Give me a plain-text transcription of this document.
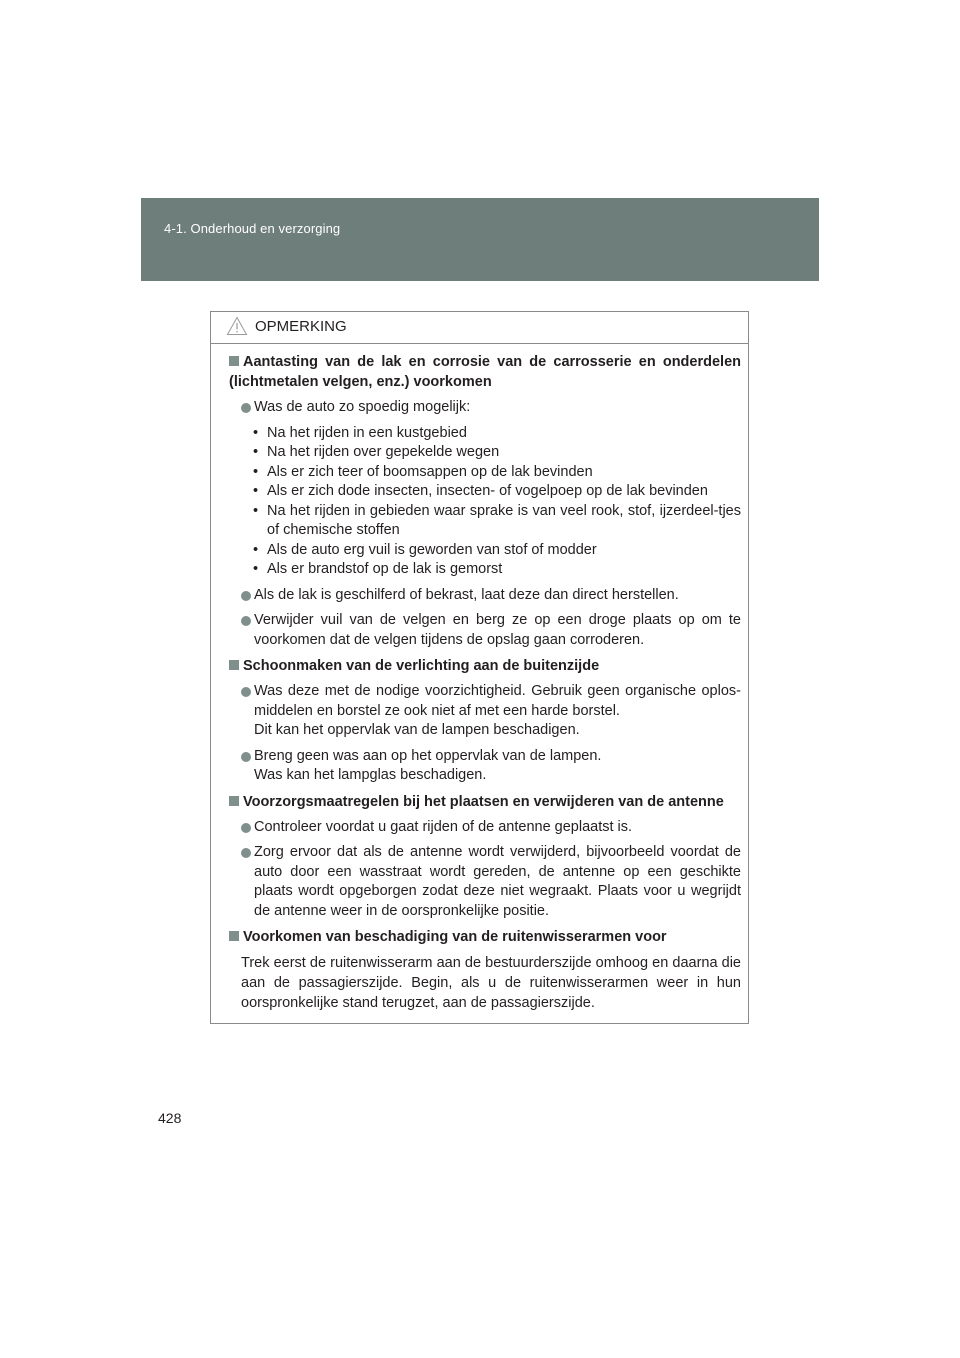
4-1. Onderhoud en verzorging
OPMERKING
Aantasting van de lak en corrosie van de carrosserie en onderdelen (lichtmetalen velgen, enz.) voorkomen
Was de auto zo spoedig mogelijk:
• Na het rijden in een kustgebied
• Na het rijden over gepekelde wegen
• Als er zich teer of boomsappen op de lak bevinden
• Als er zich dode insecten, insecten- of vogelpoep op de lak bevinden
• Na het rijden in gebieden waar sprake is van veel rook, stof, ijzerdeel-tjes of chemische stoffen
• Als de auto erg vuil is geworden van stof of modder
• Als er brandstof op de lak is gemorst
Als de lak is geschilferd of bekrast, laat deze dan direct herstellen.
Verwijder vuil van de velgen en berg ze op een droge plaats op om te voorkomen dat de velgen tijdens de opslag gaan corroderen.
Schoonmaken van de verlichting aan de buitenzijde
Was deze met de nodige voorzichtigheid. Gebruik geen organische oplos-middelen en borstel ze ook niet af met een harde borstel.
Dit kan het oppervlak van de lampen beschadigen.
Breng geen was aan op het oppervlak van de lampen.
Was kan het lampglas beschadigen.
Voorzorgsmaatregelen bij het plaatsen en verwijderen van de antenne
Controleer voordat u gaat rijden of de antenne geplaatst is.
Zorg ervoor dat als de antenne wordt verwijderd, bijvoorbeeld voordat de auto door een wasstraat wordt gereden, de antenne op een geschikte plaats wordt opgeborgen zodat deze niet wegraakt. Plaats voor u wegrijdt de antenne weer in de oorspronkelijke positie.
Voorkomen van beschadiging van de ruitenwisserarmen voor
Trek eerst de ruitenwisserarm aan de bestuurderszijde omhoog en daarna die aan de passagierszijde. Begin, als u de ruitenwisserarmen weer in hun oorspronkelijke stand terugzet, aan de passagierszijde.
428
